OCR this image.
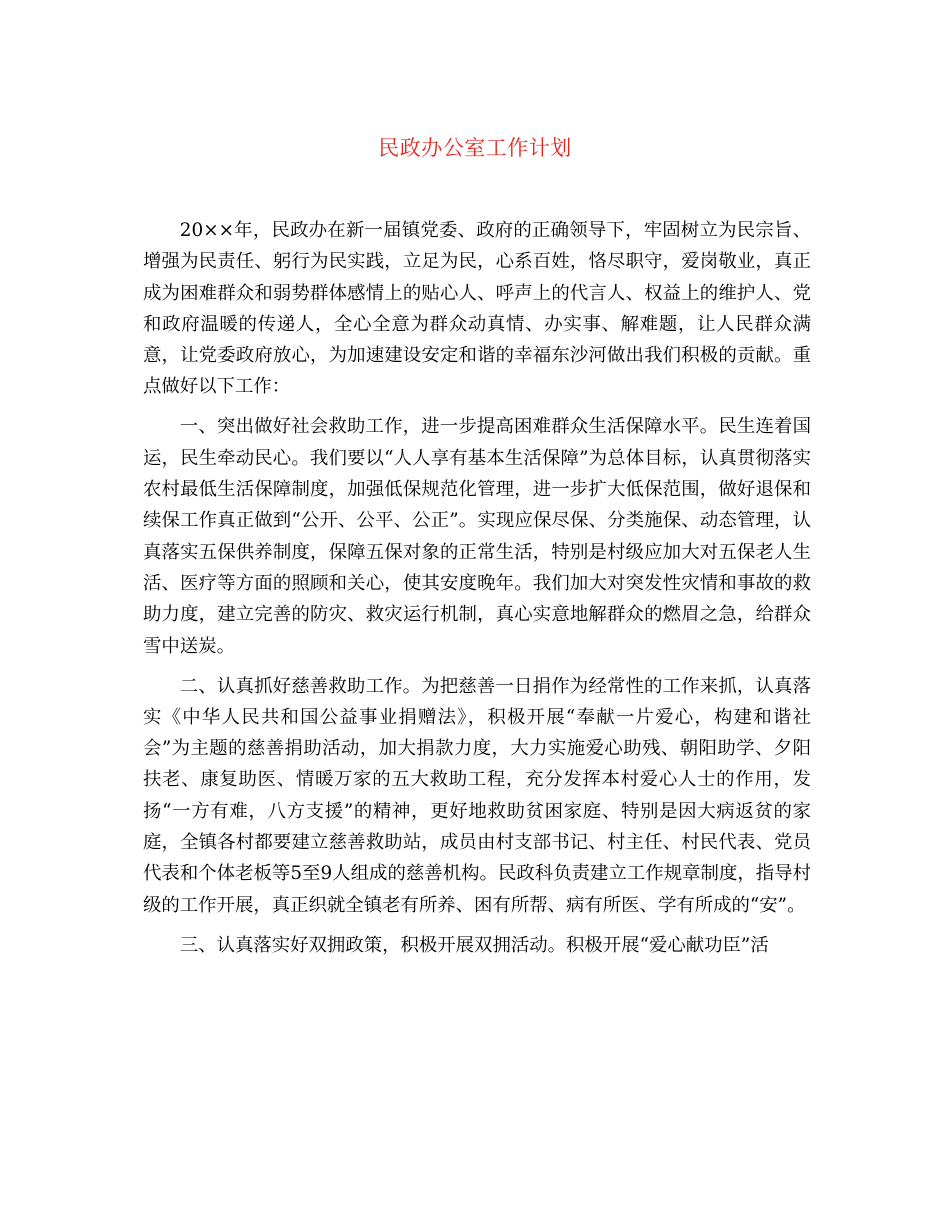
民政办公室工作计划

20××年，民政办在新一届镇党委、政府的正确领导下，牢固树立为民宗旨、增强为民责任、躬行为民实践，立足为民，心系百姓，恪尽职守，爱岗敬业，真正成为困难群众和弱势群体感情上的贴心人、呼声上的代言人、权益上的维护人、党和政府温暖的传递人，全心全意为群众动真情、办实事、解难题，让人民群众满意，让党委政府放心，为加速建设安定和谐的幸福东沙河做出我们积极的贡献。重点做好以下工作：

一、突出做好社会救助工作，进一步提高困难群众生活保障水平。民生连着国运，民生牵动民心。我们要以“人人享有基本生活保障”为总体目标，认真贯彻落实农村最低生活保障制度，加强低保规范化管理，进一步扩大低保范围，做好退保和续保工作真正做到“公开、公平、公正”。实现应保尽保、分类施保、动态管理，认真落实五保供养制度，保障五保对象的正常生活，特别是村级应加大对五保老人生活、医疗等方面的照顾和关心，使其安度晚年。我们加大对突发性灾情和事故的救助力度，建立完善的防灾、救灾运行机制，真心实意地解群众的燃眉之急，给群众雪中送炭。

二、认真抓好慈善救助工作。为把慈善一日捐作为经常性的工作来抓，认真落实《中华人民共和国公益事业捐赠法》，积极开展“奉献一片爱心，构建和谐社会”为主题的慈善捐助活动，加大捐款力度，大力实施爱心助残、朝阳助学、夕阳扶老、康复助医、情暖万家的五大救助工程，充分发挥本村爱心人士的作用，发扬“一方有难，八方支援”的精神，更好地救助贫困家庭、特别是因大病返贫的家庭，全镇各村都要建立慈善救助站，成员由村支部书记、村主任、村民代表、党员代表和个体老板等5至9人组成的慈善机构。民政科负责建立工作规章制度，指导村级的工作开展，真正织就全镇老有所养、困有所帮、病有所医、学有所成的“安”。

三、认真落实好双拥政策，积极开展双拥活动。积极开展“爱心献功臣”活
